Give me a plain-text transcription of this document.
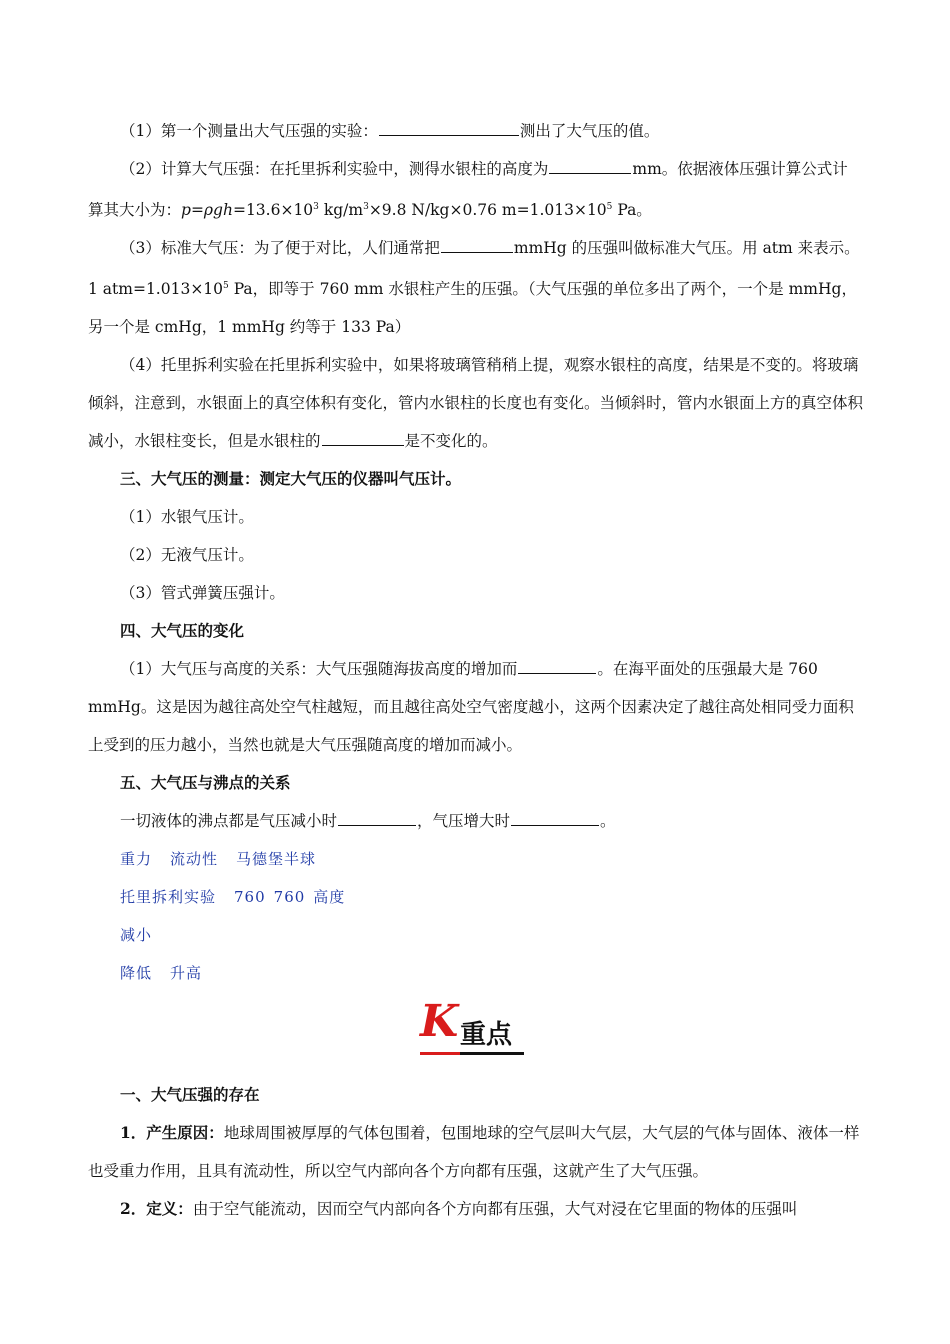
（1）第一个测量出大气压强的实验：	测出了大气压的值。

（2）计算大气压强：在托里拆利实验中，测得水银柱的高度为	mm。依据液体压强计算公式计算其大小为：$p=\rho gh=13.6\times 10^3$ $kg/m^3\times 9.8$ N/kg×0.76 $m=1.013\times 10^5$ Pa。

（3）标准大气压：为了便于对比，人们通常把	mmHg 的压强叫做标准大气压。用 atm 来表示。1 $atm=1.013\times 10^5$ Pa，即等于 760 mm 水银柱产生的压强。（大气压强的单位多出了两个，一个是 mmHg，另一个是 cmHg，1 mmHg 约等于 133 Pa）

（4）托里拆利实验在托里拆利实验中，如果将玻璃管稍稍上提，观察水银柱的高度，结果是不变的。将玻璃倾斜，注意到，水银面上的真空体积有变化，管内水银柱的长度也有变化。当倾斜时，管内水银面上方的真空体积减小，水银柱变长，但是水银柱的	是不变化的。

三、大气压的测量：测定大气压的仪器叫气压计。

（1）水银气压计。

（2）无液气压计。

（3）管式弹簧压强计。

四、大气压的变化

（1）大气压与高度的关系：大气压强随海拔高度的增加而	。在海平面处的压强最大是 760 mmHg。这是因为越往高处空气柱越短，而且越往高处空气密度越小，这两个因素决定了越往高处相同受力面积上受到的压力越小，当然也就是大气压强随高度的增加而减小。

五、大气压与沸点的关系

一切液体的沸点都是气压减小时	，气压增大时	。

重力 流动性 马德堡半球

托里拆利实验 760 760 高度

减小

降低 升高

K 重点

一、大气压强的存在

1．产生原因：地球周围被厚厚的气体包围着，包围地球的空气层叫大气层，大气层的气体与固体、液体一样也受重力作用，且具有流动性，所以空气内部向各个方向都有压强，这就产生了大气压强。

2．定义：由于空气能流动，因而空气内部向各个方向都有压强，大气对浸在它里面的物体的压强叫
